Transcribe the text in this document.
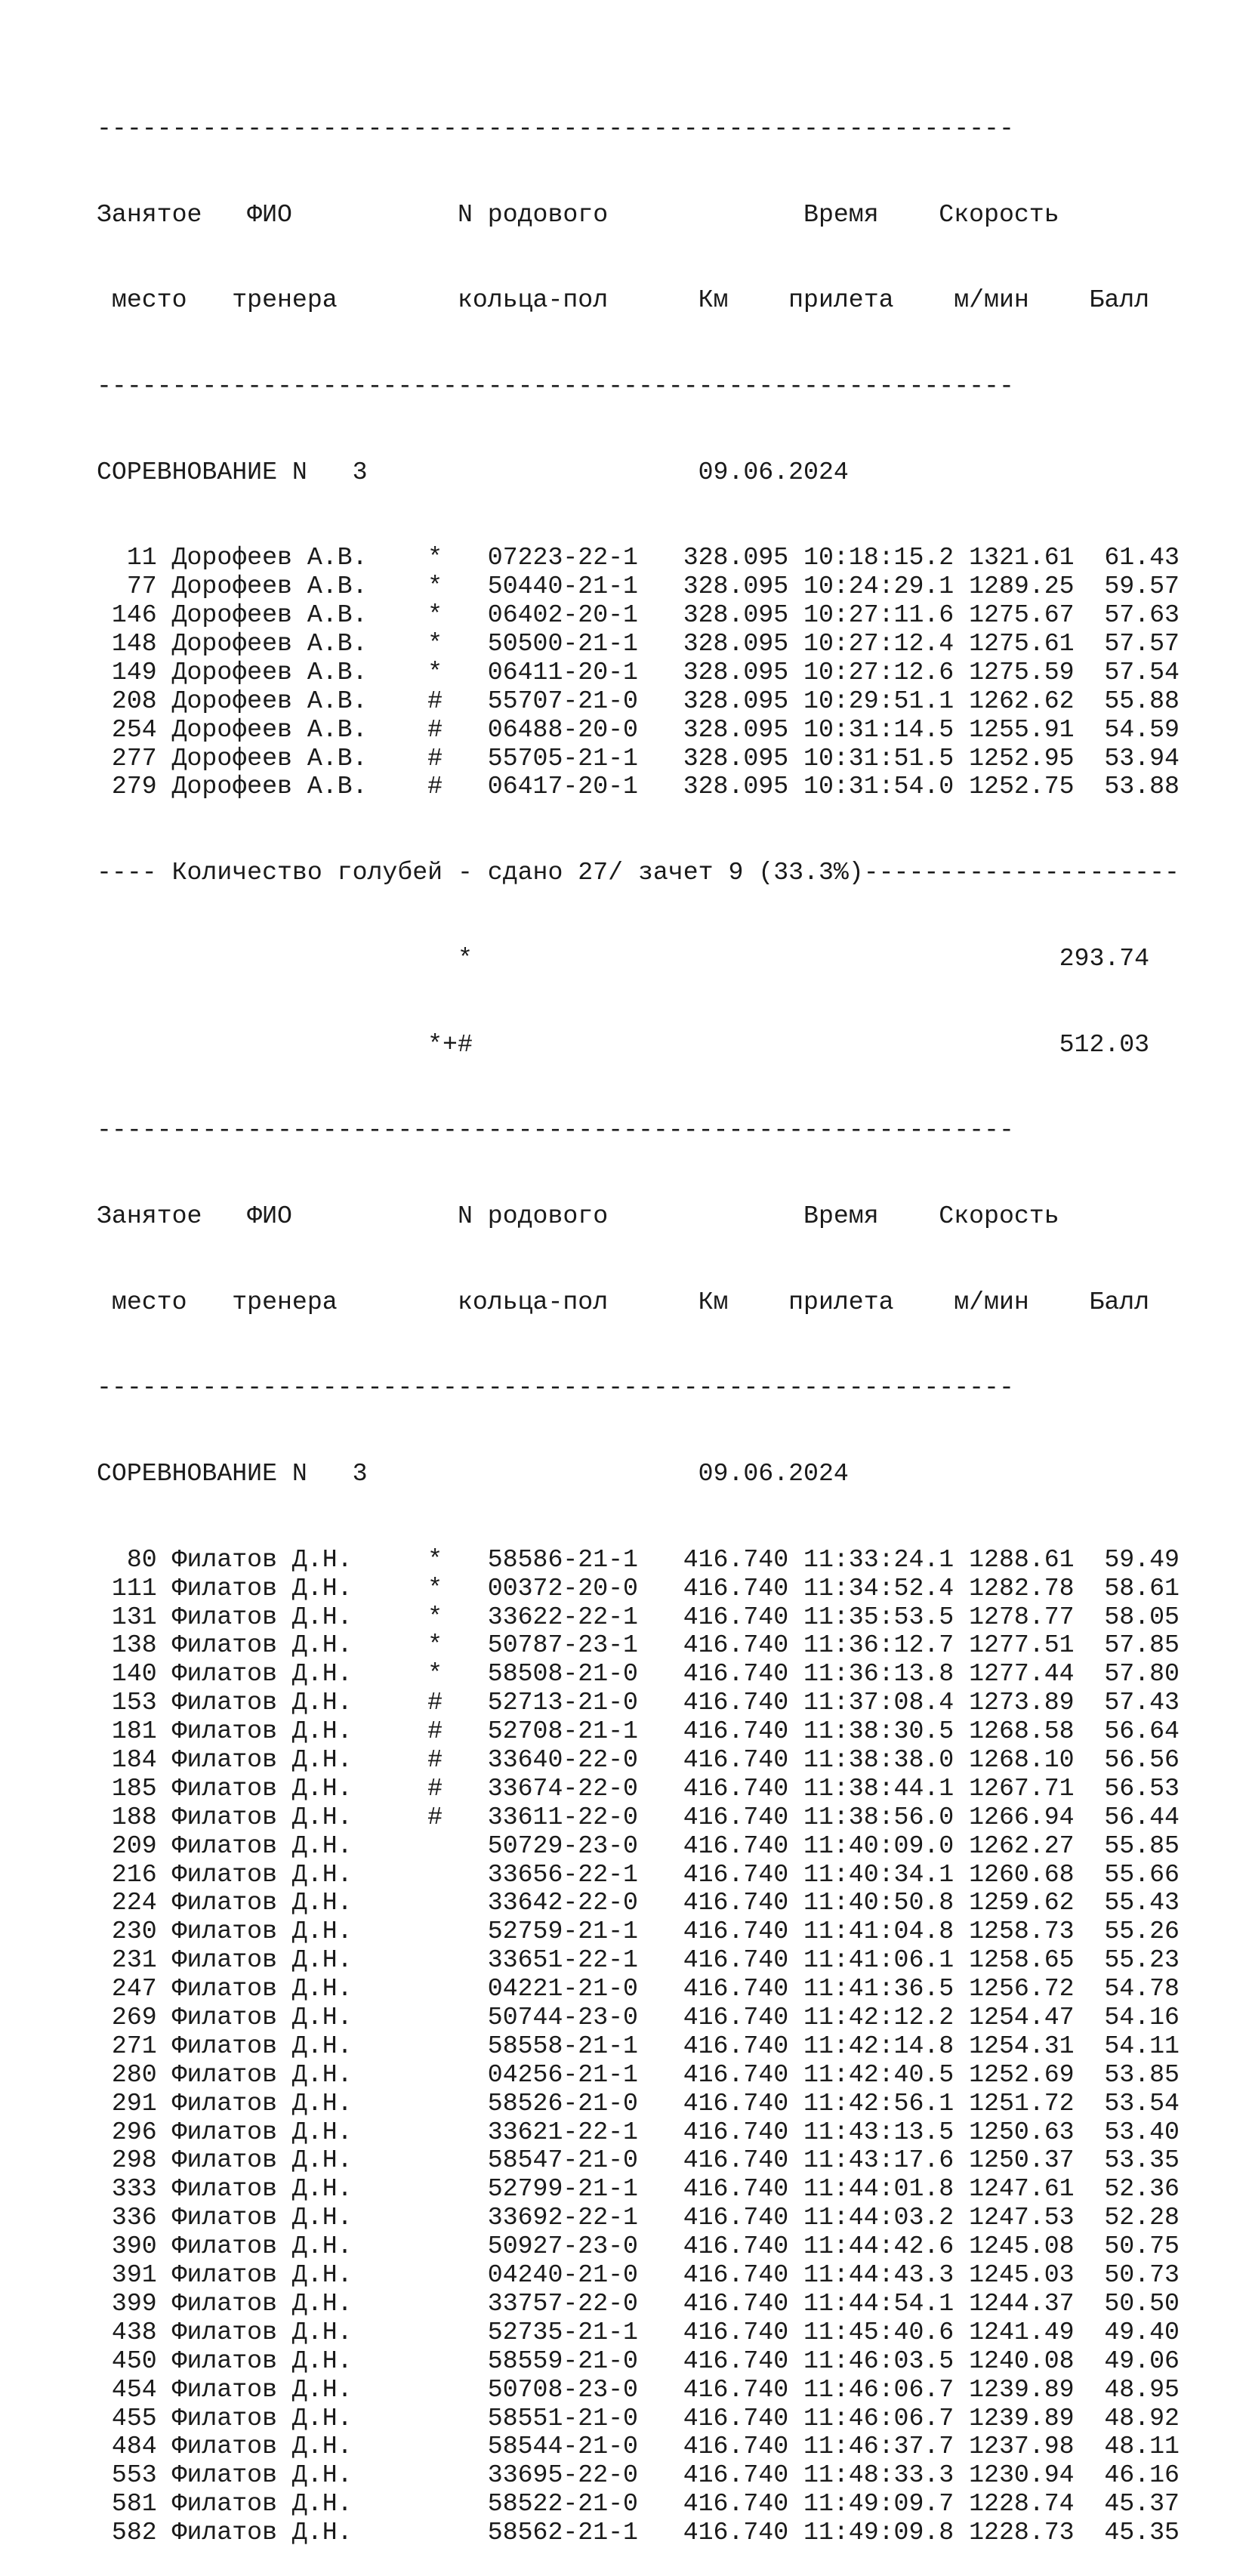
-------------------------------------------------------------

Занятое   ФИО           N родового             Время    Скорость

место   тренера        кольца-пол      Км    прилета    м/мин    Балл

-------------------------------------------------------------

СОРЕВНОВАНИЕ N   3                      09.06.2024

11 Дорофеев А.В.    *   07223-22-1   328.095 10:18:15.2 1321.61  61.43
77 Дорофеев А.В.    *   50440-21-1   328.095 10:24:29.1 1289.25  59.57
146 Дорофеев А.В.    *   06402-20-1   328.095 10:27:11.6 1275.67  57.63
148 Дорофеев А.В.    *   50500-21-1   328.095 10:27:12.4 1275.61  57.57
149 Дорофеев А.В.    *   06411-20-1   328.095 10:27:12.6 1275.59  57.54
208 Дорофеев А.В.    #   55707-21-0   328.095 10:29:51.1 1262.62  55.88
254 Дорофеев А.В.    #   06488-20-0   328.095 10:31:14.5 1255.91  54.59
277 Дорофеев А.В.    #   55705-21-1   328.095 10:31:51.5 1252.95  53.94
279 Дорофеев А.В.    #   06417-20-1   328.095 10:31:54.0 1252.75  53.88

---- Количество голубей - сдано 27/ зачет 9 (33.3%)---------------------

*                                       293.74

*+#                                       512.03

-------------------------------------------------------------

Занятое   ФИО           N родового             Время    Скорость

место   тренера        кольца-пол      Км    прилета    м/мин    Балл

-------------------------------------------------------------

СОРЕВНОВАНИЕ N   3                      09.06.2024

80 Филатов Д.Н.     *   58586-21-1   416.740 11:33:24.1 1288.61  59.49
111 Филатов Д.Н.     *   00372-20-0   416.740 11:34:52.4 1282.78  58.61
131 Филатов Д.Н.     *   33622-22-1   416.740 11:35:53.5 1278.77  58.05
138 Филатов Д.Н.     *   50787-23-1   416.740 11:36:12.7 1277.51  57.85
140 Филатов Д.Н.     *   58508-21-0   416.740 11:36:13.8 1277.44  57.80
153 Филатов Д.Н.     #   52713-21-0   416.740 11:37:08.4 1273.89  57.43
181 Филатов Д.Н.     #   52708-21-1   416.740 11:38:30.5 1268.58  56.64
184 Филатов Д.Н.     #   33640-22-0   416.740 11:38:38.0 1268.10  56.56
185 Филатов Д.Н.     #   33674-22-0   416.740 11:38:44.1 1267.71  56.53
188 Филатов Д.Н.     #   33611-22-0   416.740 11:38:56.0 1266.94  56.44
209 Филатов Д.Н.         50729-23-0   416.740 11:40:09.0 1262.27  55.85
216 Филатов Д.Н.         33656-22-1   416.740 11:40:34.1 1260.68  55.66
224 Филатов Д.Н.         33642-22-0   416.740 11:40:50.8 1259.62  55.43
230 Филатов Д.Н.         52759-21-1   416.740 11:41:04.8 1258.73  55.26
231 Филатов Д.Н.         33651-22-1   416.740 11:41:06.1 1258.65  55.23
247 Филатов Д.Н.         04221-21-0   416.740 11:41:36.5 1256.72  54.78
269 Филатов Д.Н.         50744-23-0   416.740 11:42:12.2 1254.47  54.16
271 Филатов Д.Н.         58558-21-1   416.740 11:42:14.8 1254.31  54.11
280 Филатов Д.Н.         04256-21-1   416.740 11:42:40.5 1252.69  53.85
291 Филатов Д.Н.         58526-21-0   416.740 11:42:56.1 1251.72  53.54
296 Филатов Д.Н.         33621-22-1   416.740 11:43:13.5 1250.63  53.40
298 Филатов Д.Н.         58547-21-0   416.740 11:43:17.6 1250.37  53.35
333 Филатов Д.Н.         52799-21-1   416.740 11:44:01.8 1247.61  52.36
336 Филатов Д.Н.         33692-22-1   416.740 11:44:03.2 1247.53  52.28
390 Филатов Д.Н.         50927-23-0   416.740 11:44:42.6 1245.08  50.75
391 Филатов Д.Н.         04240-21-0   416.740 11:44:43.3 1245.03  50.73
399 Филатов Д.Н.         33757-22-0   416.740 11:44:54.1 1244.37  50.50
438 Филатов Д.Н.         52735-21-1   416.740 11:45:40.6 1241.49  49.40
450 Филатов Д.Н.         58559-21-0   416.740 11:46:03.5 1240.08  49.06
454 Филатов Д.Н.         50708-23-0   416.740 11:46:06.7 1239.89  48.95
455 Филатов Д.Н.         58551-21-0   416.740 11:46:06.7 1239.89  48.92
484 Филатов Д.Н.         58544-21-0   416.740 11:46:37.7 1237.98  48.11
553 Филатов Д.Н.         33695-22-0   416.740 11:48:33.3 1230.94  46.16
581 Филатов Д.Н.         58522-21-0   416.740 11:49:09.7 1228.74  45.37
582 Филатов Д.Н.         58562-21-1   416.740 11:49:09.8 1228.73  45.35
